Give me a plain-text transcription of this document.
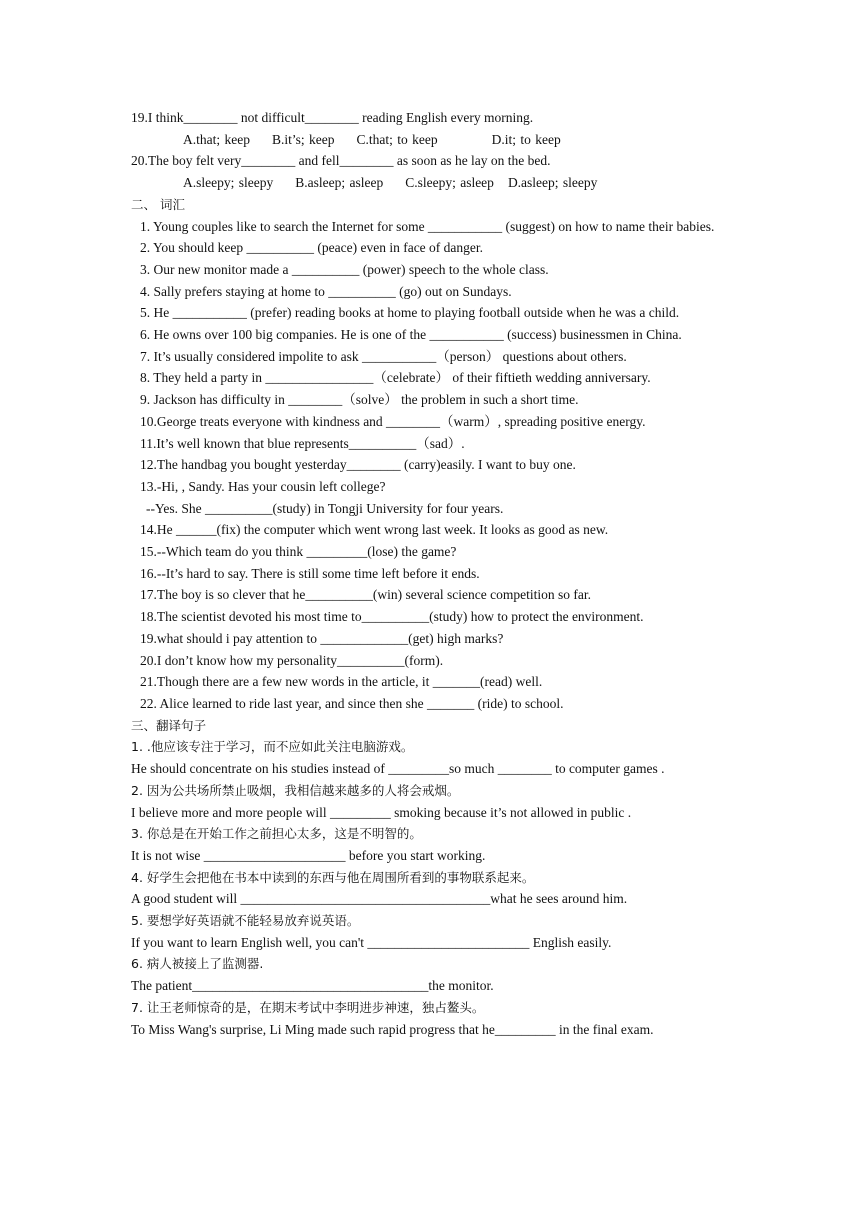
19.I think________ not difficult________ reading English every morning.
A.that; keep B.it’s; keep C.that; to keep	D.it; to keep
20.The boy felt very________ and fell________ as soon as he lay on the bed.
A.sleepy; sleepy B.asleep; asleep C.sleepy; asleep D.asleep; sleepy
二、 词汇
1. Young couples like to search the Internet for some ___________ (suggest) on how to name their babies.
2. You should keep __________ (peace) even in face of danger.
3. Our new monitor made a __________ (power) speech to the whole class.
4. Sally prefers staying at home to __________ (go) out on Sundays.
5. He ___________ (prefer) reading books at home to playing football outside when he was a child.
6. He owns over 100 big companies. He is one of the ___________ (success) businessmen in China.
7. It’s usually considered impolite to ask ___________（person） questions about others.
8. They held a party in ________________（celebrate） of their fiftieth wedding anniversary.
9. Jackson has difficulty in ________（solve） the problem in such a short time.
10.George treats everyone with kindness and ________（warm）, spreading positive energy.
11.It’s well known that blue represents__________（sad）.
12.The handbag you bought yesterday________ (carry)easily. I want to buy one.
13.-Hi, , Sandy. Has your cousin left college?
--Yes. She __________(study) in Tongji University for four years.
14.He ______(fix) the computer which went wrong last week. It looks as good as new.
15.--Which team do you think _________(lose) the game?
16.--It’s hard to say. There is still some time left before it ends.
17.The boy is so clever that he__________(win) several science competition so far.
18.The scientist devoted his most time to__________(study) how to protect the environment.
19.what should i pay attention to _____________(get) high marks?
20.I don’t know how my personality__________(form).
21.Though there are a few new words in the article, it _______(read) well.
22. Alice learned to ride last year, and since then she _______ (ride) to school.
三、翻译句子
1. .他应该专注于学习，而不应如此关注电脑游戏。
He should concentrate on his studies instead of _________so much ________ to computer games .
2. 因为公共场所禁止吸烟，我相信越来越多的人将会戒烟。
I believe more and more people will _________ smoking because it’s not allowed in public .
3. 你总是在开始工作之前担心太多，这是不明智的。
It is not wise _____________________ before you start working.
4. 好学生会把他在书本中读到的东西与他在周围所看到的事物联系起来。
A good student will _____________________________________what he sees around him.
5. 要想学好英语就不能轻易放弃说英语。
If you want to learn English well, you can't ________________________ English easily.
6. 病人被接上了监测器.
The patient___________________________________the monitor.
7. 让王老师惊奇的是，在期末考试中李明进步神速，独占鳌头。
To Miss Wang's surprise, Li Ming made such rapid progress that he_________ in the final exam.
